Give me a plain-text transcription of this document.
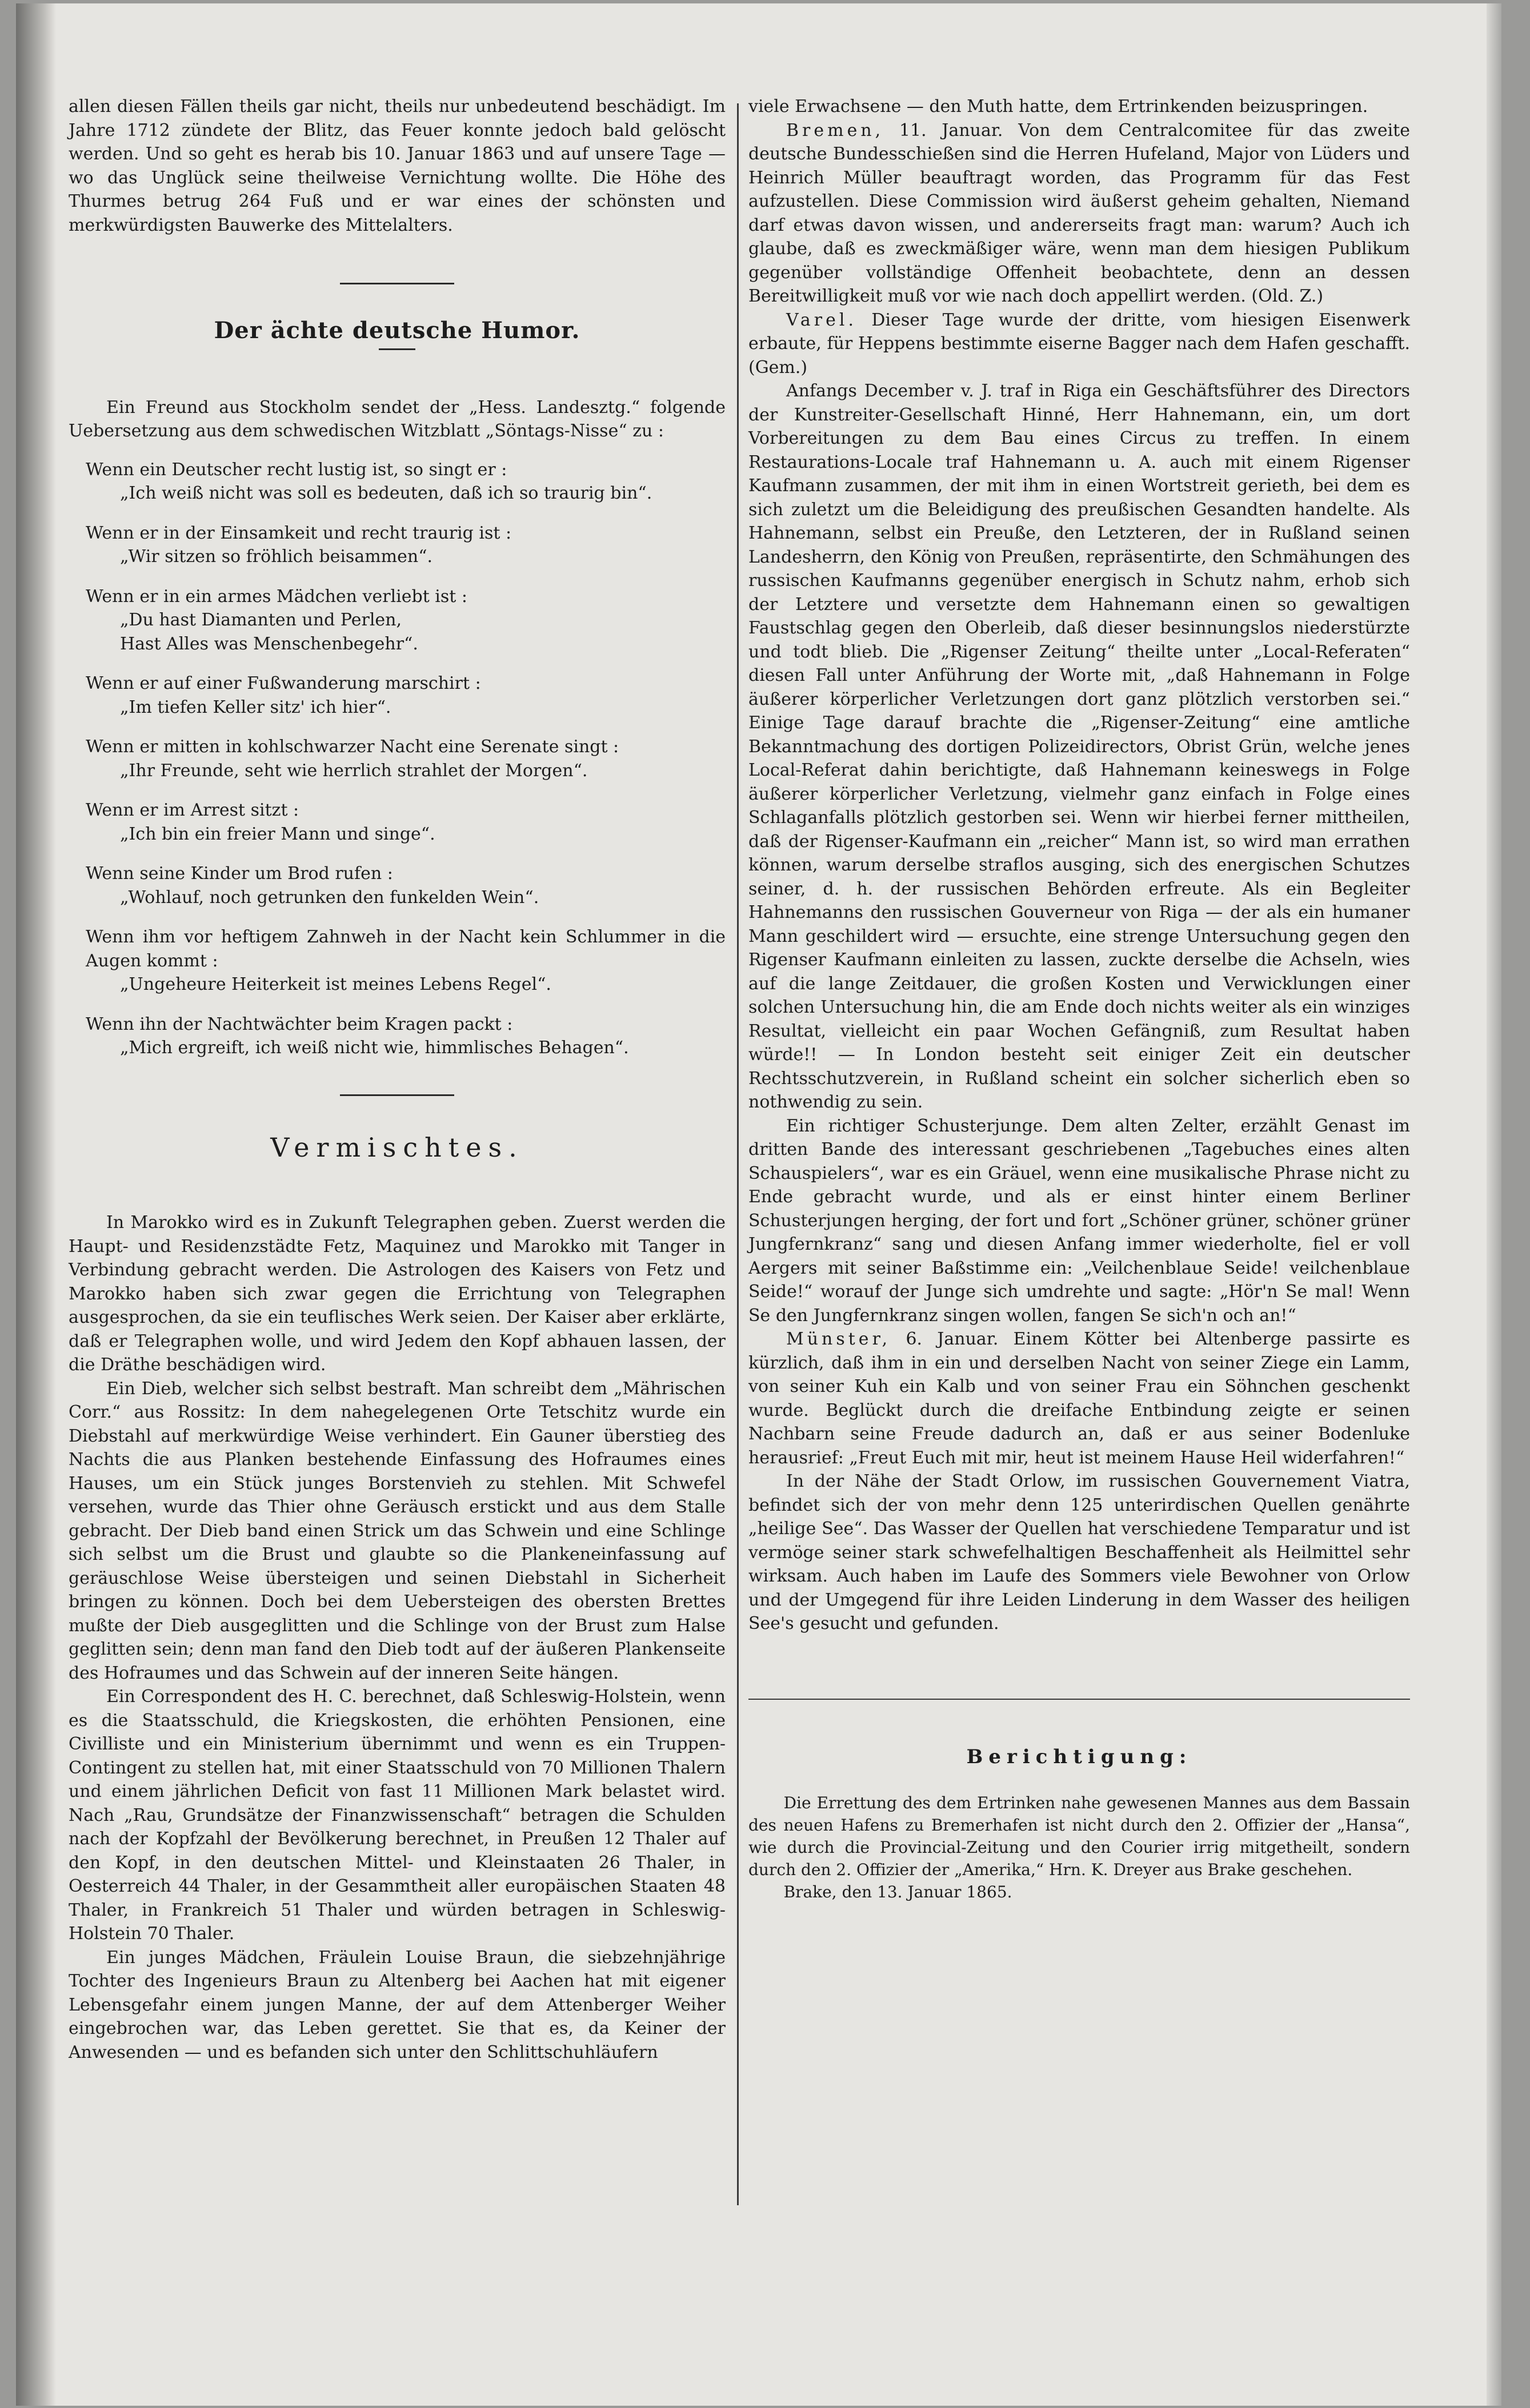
allen diesen Fällen theils gar nicht, theils nur unbedeutend beschädigt. Im Jahre 1712 zündete der Blitz, das Feuer konnte jedoch bald gelöscht werden. Und so geht es herab bis 10. Januar 1863 und auf unsere Tage — wo das Unglück seine theilweise Vernichtung wollte. Die Höhe des Thurmes betrug 264 Fuß und er war eines der schönsten und merkwürdigsten Bauwerke des Mittelalters.

Der ächte deutsche Humor.

Ein Freund aus Stockholm sendet der „Hess. Landesztg.“ folgende Uebersetzung aus dem schwedischen Witzblatt „Söntags-Nisse“ zu :

Wenn ein Deutscher recht lustig ist, so singt er :

„Ich weiß nicht was soll es bedeuten, daß ich so traurig bin“.

Wenn er in der Einsamkeit und recht traurig ist :

„Wir sitzen so fröhlich beisammen“.

Wenn er in ein armes Mädchen verliebt ist :

„Du hast Diamanten und Perlen,

Hast Alles was Menschenbegehr“.

Wenn er auf einer Fußwanderung marschirt :

„Im tiefen Keller sitz' ich hier“.

Wenn er mitten in kohlschwarzer Nacht eine Serenate singt :

„Ihr Freunde, seht wie herrlich strahlet der Morgen“.

Wenn er im Arrest sitzt :

„Ich bin ein freier Mann und singe“.

Wenn seine Kinder um Brod rufen :

„Wohlauf, noch getrunken den funkelden Wein“.

Wenn ihm vor heftigem Zahnweh in der Nacht kein Schlummer in die Augen kommt :

„Ungeheure Heiterkeit ist meines Lebens Regel“.

Wenn ihn der Nachtwächter beim Kragen packt :

„Mich ergreift, ich weiß nicht wie, himmlisches Behagen“.

Vermischtes.

In Marokko wird es in Zukunft Telegraphen geben. Zuerst werden die Haupt- und Residenzstädte Fetz, Maquinez und Marokko mit Tanger in Verbindung gebracht werden. Die Astrologen des Kaisers von Fetz und Marokko haben sich zwar gegen die Errichtung von Telegraphen ausgesprochen, da sie ein teuflisches Werk seien. Der Kaiser aber erklärte, daß er Telegraphen wolle, und wird Jedem den Kopf abhauen lassen, der die Dräthe beschädigen wird.

Ein Dieb, welcher sich selbst bestraft. Man schreibt dem „Mährischen Corr.“ aus Rossitz: In dem nahegelegenen Orte Tetschitz wurde ein Diebstahl auf merkwürdige Weise verhindert. Ein Gauner überstieg des Nachts die aus Planken bestehende Einfassung des Hofraumes eines Hauses, um ein Stück junges Borstenvieh zu stehlen. Mit Schwefel versehen, wurde das Thier ohne Geräusch erstickt und aus dem Stalle gebracht. Der Dieb band einen Strick um das Schwein und eine Schlinge sich selbst um die Brust und glaubte so die Plankeneinfassung auf geräuschlose Weise übersteigen und seinen Diebstahl in Sicherheit bringen zu können. Doch bei dem Uebersteigen des obersten Brettes mußte der Dieb ausgeglitten und die Schlinge von der Brust zum Halse geglitten sein; denn man fand den Dieb todt auf der äußeren Plankenseite des Hofraumes und das Schwein auf der inneren Seite hängen.

Ein Correspondent des H. C. berechnet, daß Schleswig-Holstein, wenn es die Staatsschuld, die Kriegskosten, die erhöhten Pensionen, eine Civilliste und ein Ministerium übernimmt und wenn es ein Truppen-Contingent zu stellen hat, mit einer Staatsschuld von 70 Millionen Thalern und einem jährlichen Deficit von fast 11 Millionen Mark belastet wird. Nach „Rau, Grundsätze der Finanzwissenschaft“ betragen die Schulden nach der Kopfzahl der Bevölkerung berechnet, in Preußen 12 Thaler auf den Kopf, in den deutschen Mittel- und Kleinstaaten 26 Thaler, in Oesterreich 44 Thaler, in der Gesammtheit aller europäischen Staaten 48 Thaler, in Frankreich 51 Thaler und würden betragen in Schleswig-Holstein 70 Thaler.

Ein junges Mädchen, Fräulein Louise Braun, die siebzehnjährige Tochter des Ingenieurs Braun zu Altenberg bei Aachen hat mit eigener Lebensgefahr einem jungen Manne, der auf dem Attenberger Weiher eingebrochen war, das Leben gerettet. Sie that es, da Keiner der Anwesenden — und es befanden sich unter den Schlittschuhläufern

viele Erwachsene — den Muth hatte, dem Ertrinkenden beizuspringen.

Bremen, 11. Januar. Von dem Centralcomitee für das zweite deutsche Bundesschießen sind die Herren Hufeland, Major von Lüders und Heinrich Müller beauftragt worden, das Programm für das Fest aufzustellen. Diese Commission wird äußerst geheim gehalten, Niemand darf etwas davon wissen, und andererseits fragt man: warum? Auch ich glaube, daß es zweckmäßiger wäre, wenn man dem hiesigen Publikum gegenüber vollständige Offenheit beobachtete, denn an dessen Bereitwilligkeit muß vor wie nach doch appellirt werden. (Old. Z.)

Varel. Dieser Tage wurde der dritte, vom hiesigen Eisenwerk erbaute, für Heppens bestimmte eiserne Bagger nach dem Hafen geschafft. (Gem.)

Anfangs December v. J. traf in Riga ein Geschäftsführer des Directors der Kunstreiter-Gesellschaft Hinné, Herr Hahnemann, ein, um dort Vorbereitungen zu dem Bau eines Circus zu treffen. In einem Restaurations-Locale traf Hahnemann u. A. auch mit einem Rigenser Kaufmann zusammen, der mit ihm in einen Wortstreit gerieth, bei dem es sich zuletzt um die Beleidigung des preußischen Gesandten handelte. Als Hahnemann, selbst ein Preuße, den Letzteren, der in Rußland seinen Landesherrn, den König von Preußen, repräsentirte, den Schmähungen des russischen Kaufmanns gegenüber energisch in Schutz nahm, erhob sich der Letztere und versetzte dem Hahnemann einen so gewaltigen Faustschlag gegen den Oberleib, daß dieser besinnungslos niederstürzte und todt blieb. Die „Rigenser Zeitung“ theilte unter „Local-Referaten“ diesen Fall unter Anführung der Worte mit, „daß Hahnemann in Folge äußerer körperlicher Verletzungen dort ganz plötzlich verstorben sei.“ Einige Tage darauf brachte die „Rigenser-Zeitung“ eine amtliche Bekanntmachung des dortigen Polizeidirectors, Obrist Grün, welche jenes Local-Referat dahin berichtigte, daß Hahnemann keineswegs in Folge äußerer körperlicher Verletzung, vielmehr ganz einfach in Folge eines Schlaganfalls plötzlich gestorben sei. Wenn wir hierbei ferner mittheilen, daß der Rigenser-Kaufmann ein „reicher“ Mann ist, so wird man errathen können, warum derselbe straflos ausging, sich des energischen Schutzes seiner, d. h. der russischen Behörden erfreute. Als ein Begleiter Hahnemanns den russischen Gouverneur von Riga — der als ein humaner Mann geschildert wird — ersuchte, eine strenge Untersuchung gegen den Rigenser Kaufmann einleiten zu lassen, zuckte derselbe die Achseln, wies auf die lange Zeitdauer, die großen Kosten und Verwicklungen einer solchen Untersuchung hin, die am Ende doch nichts weiter als ein winziges Resultat, vielleicht ein paar Wochen Gefängniß, zum Resultat haben würde!! — In London besteht seit einiger Zeit ein deutscher Rechtsschutzverein, in Rußland scheint ein solcher sicherlich eben so nothwendig zu sein.

Ein richtiger Schusterjunge. Dem alten Zelter, erzählt Genast im dritten Bande des interessant geschriebenen „Tagebuches eines alten Schauspielers“, war es ein Gräuel, wenn eine musikalische Phrase nicht zu Ende gebracht wurde, und als er einst hinter einem Berliner Schusterjungen herging, der fort und fort „Schöner grüner, schöner grüner Jungfernkranz“ sang und diesen Anfang immer wiederholte, fiel er voll Aergers mit seiner Baßstimme ein: „Veilchenblaue Seide! veilchenblaue Seide!“ worauf der Junge sich umdrehte und sagte: „Hör'n Se mal! Wenn Se den Jungfernkranz singen wollen, fangen Se sich'n och an!“

Münster, 6. Januar. Einem Kötter bei Altenberge passirte es kürzlich, daß ihm in ein und derselben Nacht von seiner Ziege ein Lamm, von seiner Kuh ein Kalb und von seiner Frau ein Söhnchen geschenkt wurde. Beglückt durch die dreifache Entbindung zeigte er seinen Nachbarn seine Freude dadurch an, daß er aus seiner Bodenluke herausrief: „Freut Euch mit mir, heut ist meinem Hause Heil widerfahren!“

In der Nähe der Stadt Orlow, im russischen Gouvernement Viatra, befindet sich der von mehr denn 125 unterirdischen Quellen genährte „heilige See“. Das Wasser der Quellen hat verschiedene Temparatur und ist vermöge seiner stark schwefelhaltigen Beschaffenheit als Heilmittel sehr wirksam. Auch haben im Laufe des Sommers viele Bewohner von Orlow und der Umgegend für ihre Leiden Linderung in dem Wasser des heiligen See's gesucht und gefunden.

Berichtigung:

Die Errettung des dem Ertrinken nahe gewesenen Mannes aus dem Bassain des neuen Hafens zu Bremerhafen ist nicht durch den 2. Offizier der „Hansa“, wie durch die Provincial-Zeitung und den Courier irrig mitgetheilt, sondern durch den 2. Offizier der „Amerika,“ Hrn. K. Dreyer aus Brake geschehen.

Brake, den 13. Januar 1865.
